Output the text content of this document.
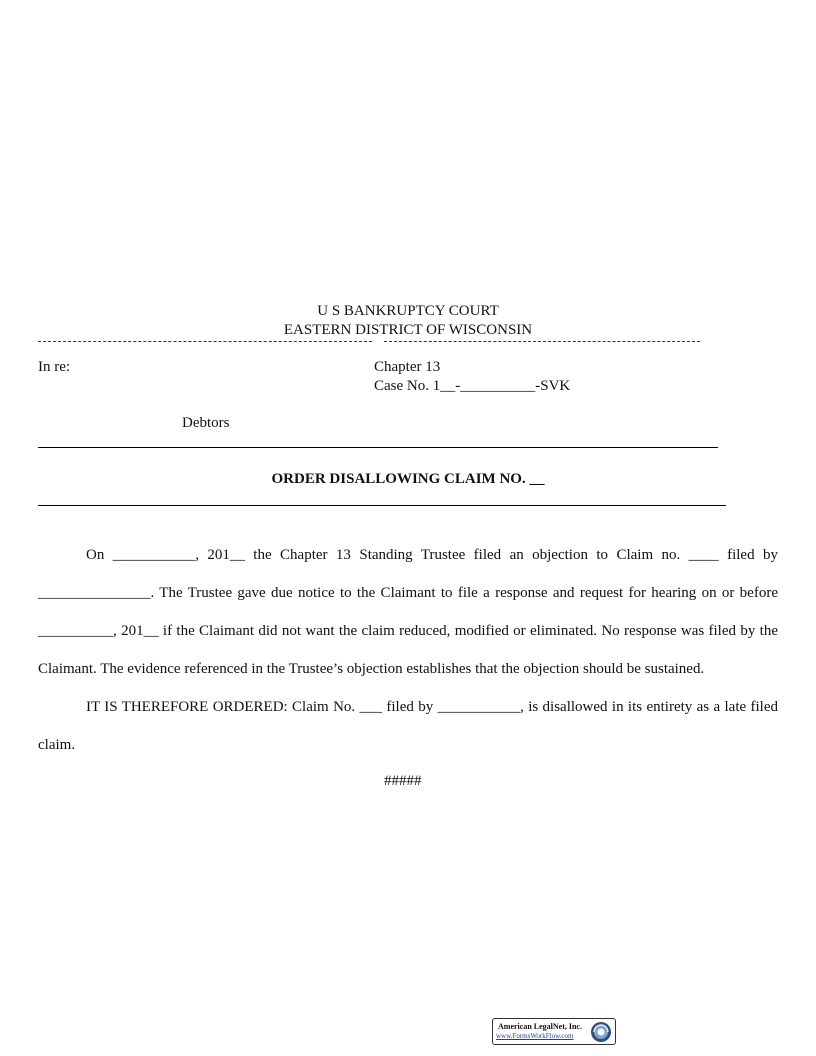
U S BANKRUPTCY COURT
EASTERN DISTRICT OF WISCONSIN
In re:	Chapter 13
Case No. 1__-__________-SVK
Debtors
ORDER DISALLOWING CLAIM NO. __

On ___________, 201__ the Chapter 13 Standing Trustee filed an objection to Claim no. ____ filed by _______________. The Trustee gave due notice to the Claimant to file a response and request for hearing on or before __________, 201__ if the Claimant did not want the claim reduced, modified or eliminated. No response was filed by the Claimant. The evidence referenced in the Trustee’s objection establishes that the objection should be sustained.

IT IS THEREFORE ORDERED: Claim No. ___ filed by ___________, is disallowed in its entirety as a late filed claim.

#####
American LegalNet, Inc.
www.FormsWorkFlow.com
